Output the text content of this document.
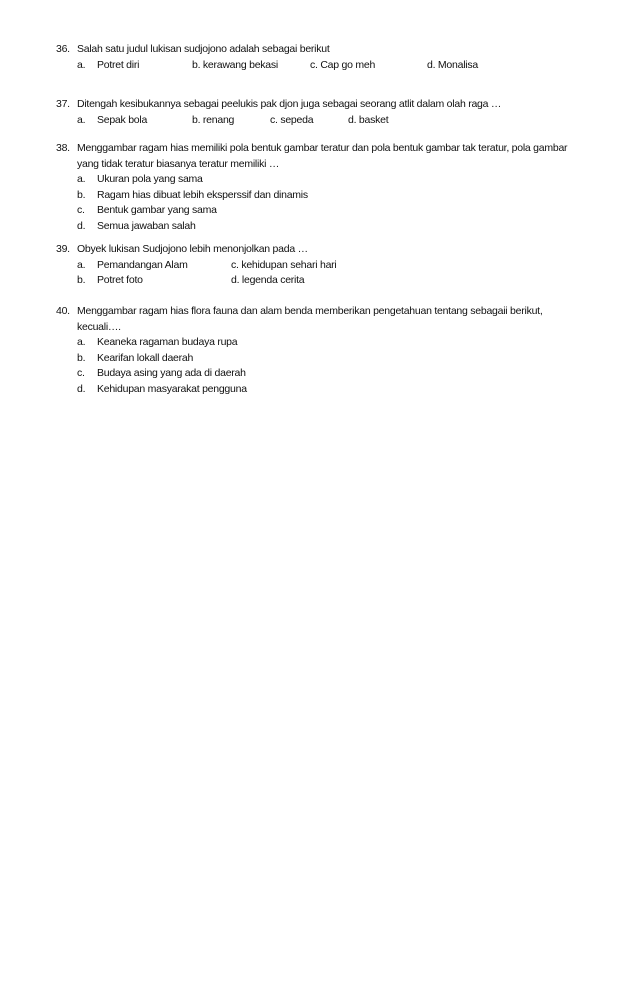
36. Salah satu judul lukisan sudjojono adalah sebagai berikut
a. Potret diri	b. kerawang bekasi	c. Cap go meh	d. Monalisa
37. Ditengah kesibukannya sebagai peelukis pak djon juga sebagai seorang atlit dalam olah raga …
a. Sepak bola	b. renang	c. sepeda	d. basket
38. Menggambar ragam hias memiliki pola bentuk gambar teratur dan pola bentuk gambar tak teratur, pola gambar
yang tidak teratur biasanya teratur memiliki …
a. Ukuran pola yang sama
b. Ragam hias dibuat lebih eksperssif dan dinamis
c. Bentuk gambar yang sama
d. Semua jawaban salah
39. Obyek lukisan Sudjojono lebih menonjolkan pada …
a. Pemandangan Alam	c. kehidupan sehari hari
b. Potret foto	d. legenda cerita
40. Menggambar ragam hias flora fauna dan alam benda memberikan pengetahuan tentang sebagaii berikut,
kecuali….
a. Keaneka ragaman budaya rupa
b. Kearifan lokall daerah
c. Budaya asing yang ada di daerah
d. Kehidupan masyarakat pengguna
